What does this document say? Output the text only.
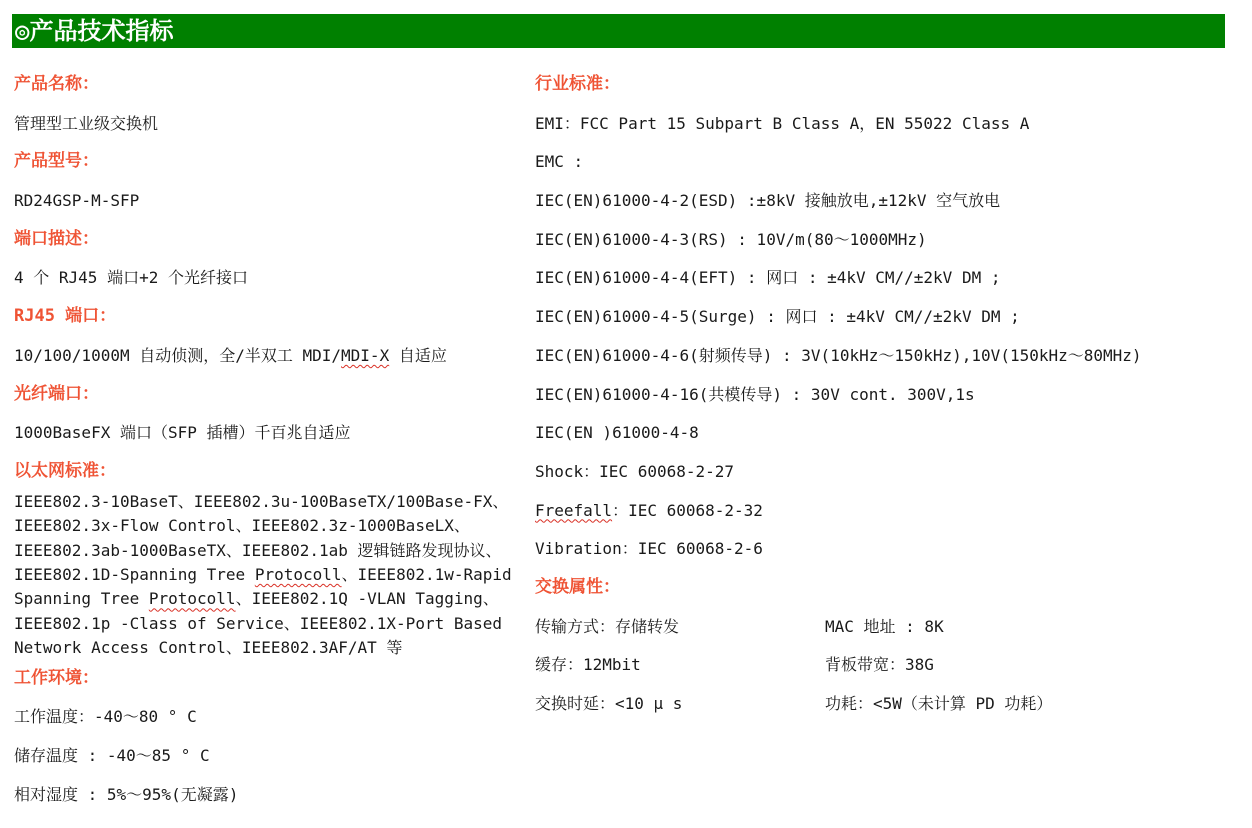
◎产品技术指标

产品名称：

管理型工业级交换机

产品型号：

RD24GSP-M-SFP

端口描述：

4 个 RJ45 端口+2 个光纤接口

RJ45 端口：

10/100/1000M 自动侦测，全/半双工 MDI/MDI-X 自适应

光纤端口：

1000BaseFX 端口（SFP 插槽）千百兆自适应

以太网标准：

IEEE802.3-10BaseT、IEEE802.3u-100BaseTX/100Base-FX、

IEEE802.3x-Flow Control、IEEE802.3z-1000BaseLX、

IEEE802.3ab-1000BaseTX、IEEE802.1ab 逻辑链路发现协议、

IEEE802.1D-Spanning Tree Protocoll、IEEE802.1w-Rapid

Spanning Tree Protocoll、IEEE802.1Q -VLAN Tagging、

IEEE802.1p -Class of Service、IEEE802.1X-Port Based

Network Access Control、IEEE802.3AF/AT 等

工作环境：

工作温度：-40～80 ° C

储存温度 : -40～85 ° C

相对湿度 : 5%～95%(无凝露)

行业标准：

EMI：FCC Part 15 Subpart B Class A，EN 55022 Class A

EMC :

IEC(EN)61000-4-2(ESD) :±8kV 接触放电,±12kV 空气放电

IEC(EN)61000-4-3(RS) : 10V/m(80～1000MHz)

IEC(EN)61000-4-4(EFT) : 网口 : ±4kV CM//±2kV DM ;

IEC(EN)61000-4-5(Surge) : 网口 : ±4kV CM//±2kV DM ;

IEC(EN)61000-4-6(射频传导) : 3V(10kHz～150kHz),10V(150kHz～80MHz)

IEC(EN)61000-4-16(共模传导) : 30V cont. 300V,1s

IEC(EN )61000-4-8

Shock：IEC 60068-2-27

Freefall：IEC 60068-2-32

Vibration：IEC 60068-2-6

交换属性：

传输方式：存储转发	MAC 地址 : 8K

缓存：12Mbit	背板带宽：38G

交换时延：<10 μ s	功耗：<5W（未计算 PD 功耗）
